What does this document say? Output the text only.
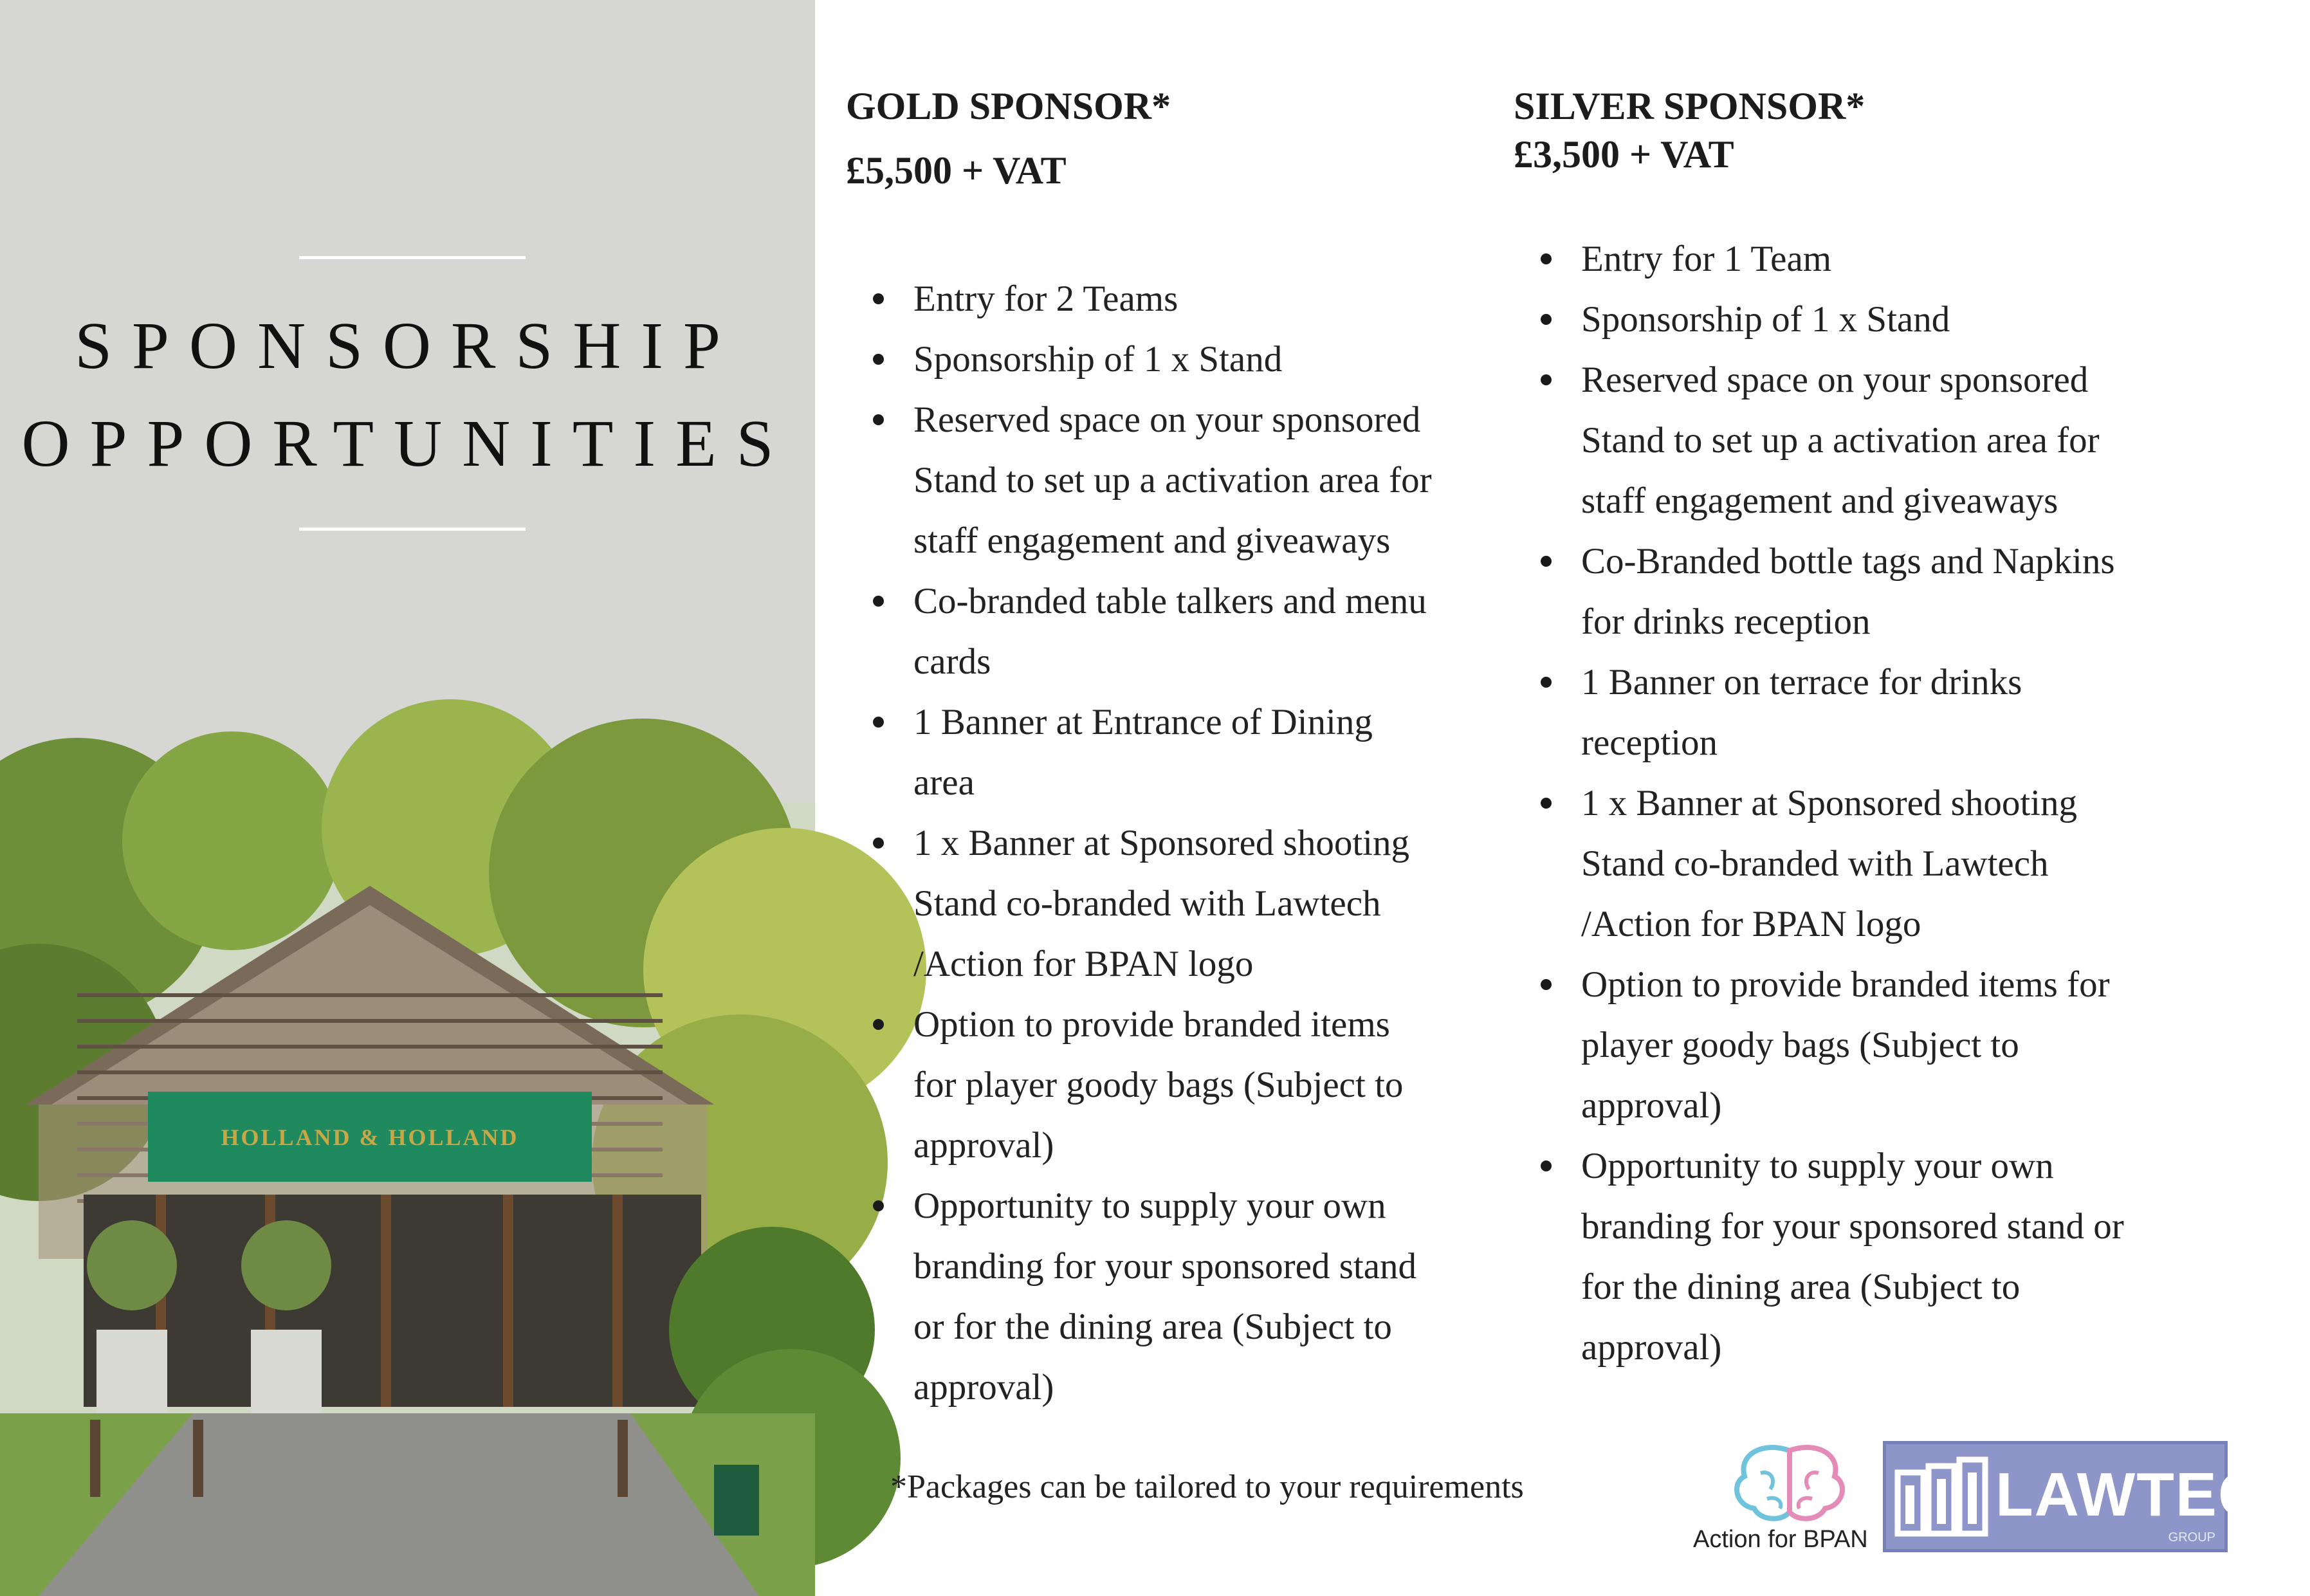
SPONSORSHIP
OPPORTUNITIES
HOLLAND & HOLLAND
GOLD SPONSOR*
£5,500 + VAT
Entry for 2 Teams
Sponsorship of 1 x Stand
Reserved space on your sponsored
Stand to set up a activation area for
staff engagement and giveaways
Co-branded table talkers and menu
cards
1 Banner at Entrance of Dining
area
1 x Banner at Sponsored shooting
Stand co-branded with Lawtech
/Action for BPAN logo
Option to provide branded items
for player goody bags (Subject to
approval)
Opportunity to supply your own
branding for your sponsored stand
or for the dining area (Subject to
approval)
SILVER SPONSOR*
£3,500 + VAT
Entry for 1 Team
Sponsorship of 1 x Stand
Reserved space on your sponsored
Stand to set up a activation area for
staff engagement and giveaways
Co-Branded bottle tags and Napkins
for drinks reception
1 Banner on terrace for drinks
reception
1 x Banner at Sponsored shooting
Stand co-branded with Lawtech
/Action for BPAN logo
Option to provide branded items for
player goody bags (Subject to
approval)
Opportunity to supply your own
branding for your sponsored stand or
for the dining area (Subject to
approval)
*Packages can be tailored to your requirements
Action for BPAN
LAWTECH
GROUP
